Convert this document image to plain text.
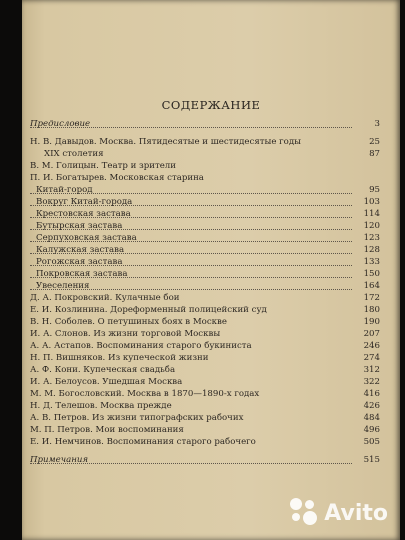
СОДЕРЖАНИЕ
Предисловие	3
Н. В. Давыдов. Москва. Пятидесятые и шестидесятые годы	25
XIX столетия	87
В. М. Голицын. Театр и зрители
П. И. Богатырев. Московская старина
Китай-город	95
Вокруг Китай-города	103
Крестовская застава	114
Бутырская застава	120
Серпуховская застава	123
Калужская застава	128
Рогожская застава	133
Покровская застава	150
Увеселения	164
Д. А. Покровский. Кулачные бои	172
Е. И. Козлинина. Дореформенный полицейский суд	180
В. Н. Соболев. О петушиных боях в Москве	190
И. А. Слонов. Из жизни торговой Москвы	207
А. А. Астапов. Воспоминания старого букиниста	246
Н. П. Вишняков. Из купеческой жизни	274
А. Ф. Кони. Купеческая свадьба	312
И. А. Белоусов. Ушедшая Москва	322
М. М. Богословский. Москва в 1870—1890-х годах	416
Н. Д. Телешов. Москва прежде	426
А. В. Петров. Из жизни типографских рабочих	484
М. П. Петров. Мои воспоминания	496
Е. И. Немчинов. Воспоминания старого рабочего	505
Примечания	515
Avito
